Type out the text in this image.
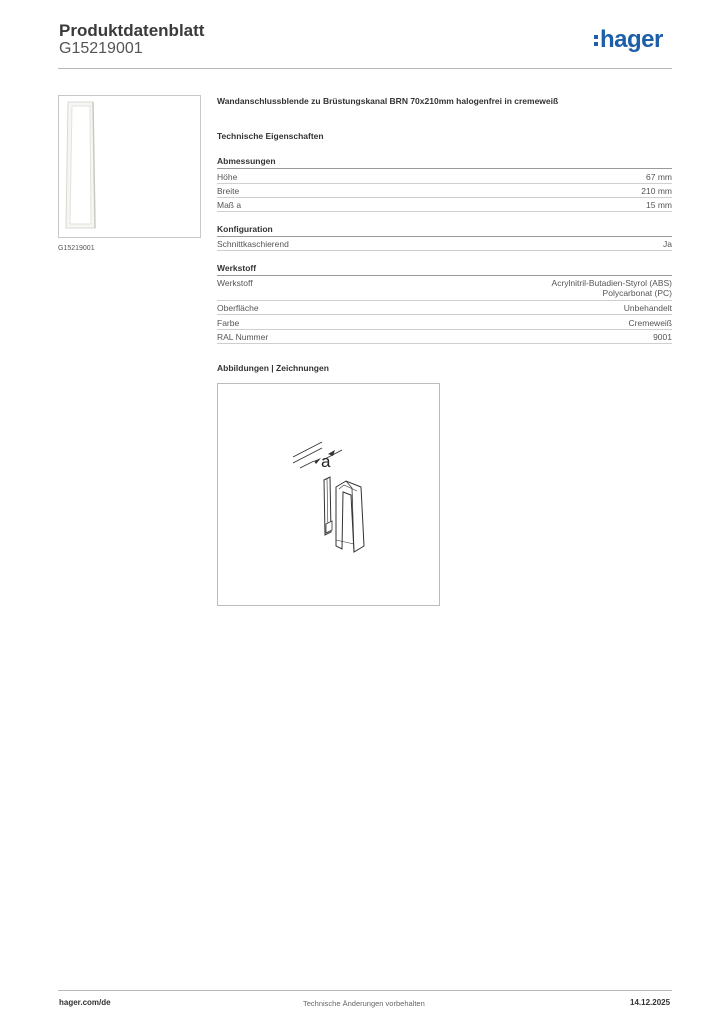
Produktdatenblatt
G15219001	hager
G15219001
Wandanschlussblende zu Brüstungskanal BRN 70x210mm halogenfrei in cremeweiß
Technische Eigenschaften
Abmessungen
Höhe	67 mm
Breite	210 mm
Maß a	15 mm
Konfiguration
Schnittkaschierend	Ja
Werkstoff
Werkstoff	Acrylnitril-Butadien-Styrol (ABS)
Polycarbonat (PC)
Oberfläche	Unbehandelt
Farbe	Cremeweiß
RAL Nummer	9001
Abbildungen | Zeichnungen
a
hager.com/de	Technische Änderungen vorbehalten	14.12.2025
